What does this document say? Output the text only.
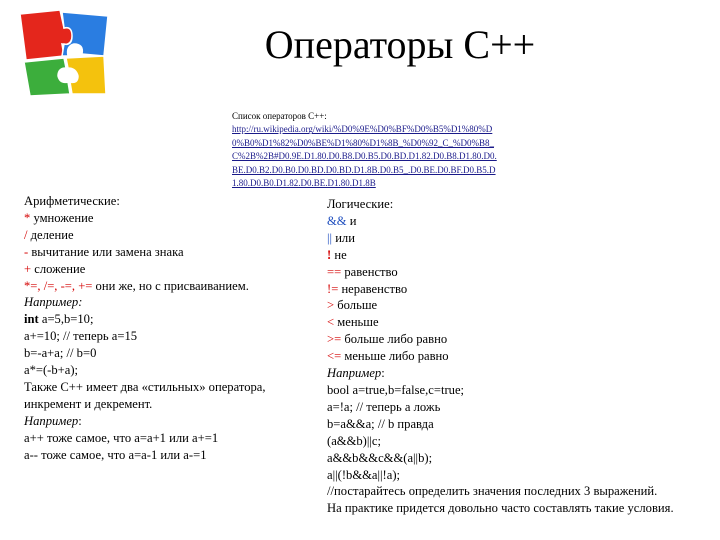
Операторы C++
Список операторов C++:
http://ru.wikipedia.org/wiki/%D0%9E%D0%BF%D0%B5%D1%80%D0%B0%D1%82%D0%BE%D1%80%D1%8B_%D0%92_C_%D0%B8_C%2B%2B#D0.9E.D1.80.D0.B8.D0.B5.D0.BD.D1.82.D0.B8.D1.80.D0.BE.D0.B2.D0.B0.D0.BD.D0.BD.D1.8B.D0.B5_.D0.BE.D0.BF.D0.B5.D1.80.D0.B0.D1.82.D0.BE.D1.80.D1.8B
Арифметические:
* умножение
/ деление
- вычитание или замена знака
+ сложение
*=, /=, -=, += они же, но с присваиванием.
Например:
int a=5,b=10;
a+=10; // теперь a=15
b=-a+a; // b=0
a*=(-b+a);
Также C++ имеет два «стильных» оператора,
инкремент и декремент.
Например:
a++ тоже самое, что a=a+1 или a+=1
a-- тоже самое, что a=a-1 или a-=1
Логические:
&& и
|| или
! не
== равенство
!= неравенство
> больше
< меньше
>= больше либо равно
<= меньше либо равно
Например:
bool a=true,b=false,c=true;
a=!a; // теперь а ложь
b=a&&a; // b правда
(a&&b)||c;
a&&b&&c&&(a||b);
a||(!b&&a||!a);
//постарайтесь определить значения последних 3 выражений.
На практике придется довольно часто составлять такие условия.
